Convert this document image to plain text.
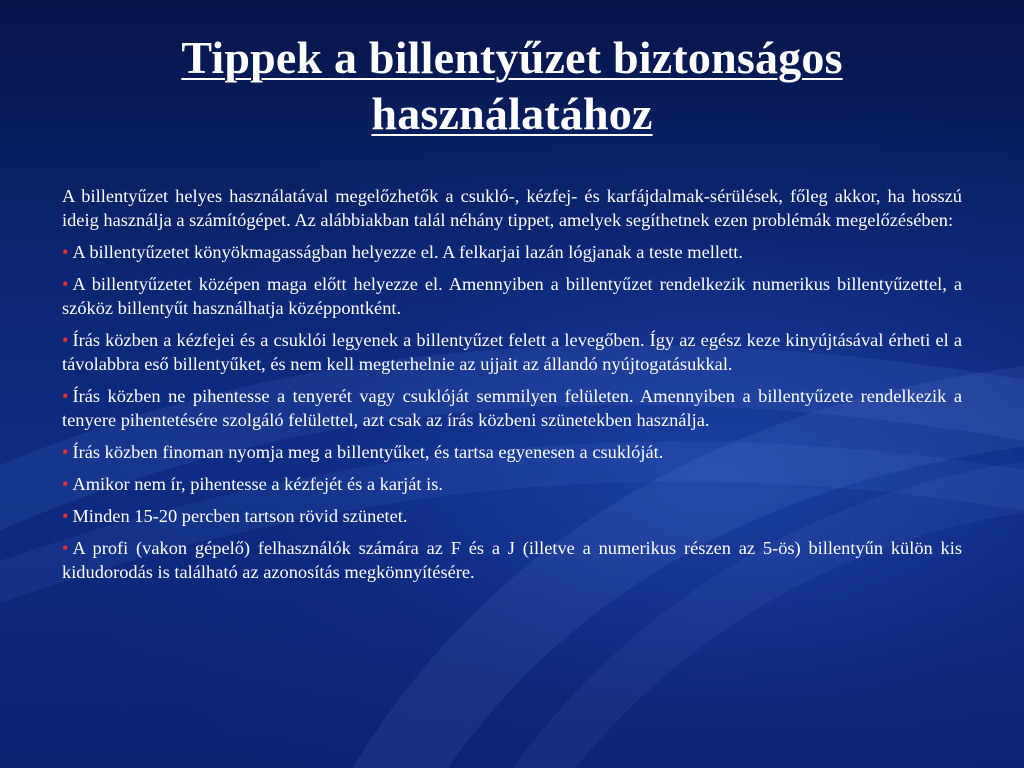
Tippek a billentyűzet biztonságos
használatához

A billentyűzet helyes használatával megelőzhetők a csukló-, kézfej- és karfájdalmak-sérülések, főleg akkor, ha hosszú ideig használja a számítógépet. Az alábbiakban talál néhány tippet, amelyek segíthetnek ezen problémák megelőzésében:

• A billentyűzetet könyökmagasságban helyezze el. A felkarjai lazán lógjanak a teste mellett.

• A billentyűzetet középen maga előtt helyezze el. Amennyiben a billentyűzet rendelkezik numerikus billentyűzettel, a szóköz billentyűt használhatja középpontként.

• Írás közben a kézfejei és a csuklói legyenek a billentyűzet felett a levegőben. Így az egész keze kinyújtásával érheti el a távolabbra eső billentyűket, és nem kell megterhelnie az ujjait az állandó nyújtogatásukkal.

• Írás közben ne pihentesse a tenyerét vagy csuklóját semmilyen felületen. Amennyiben a billentyűzete rendelkezik a tenyere pihentetésére szolgáló felülettel, azt csak az írás közbeni szünetekben használja.

• Írás közben finoman nyomja meg a billentyűket, és tartsa egyenesen a csuklóját.

• Amikor nem ír, pihentesse a kézfejét és a karját is.

• Minden 15-20 percben tartson rövid szünetet.

• A profi (vakon gépelő) felhasználók számára az F és a J (illetve a numerikus részen az 5-ös) billentyűn külön kis kidudorodás is található az azonosítás megkönnyítésére.
